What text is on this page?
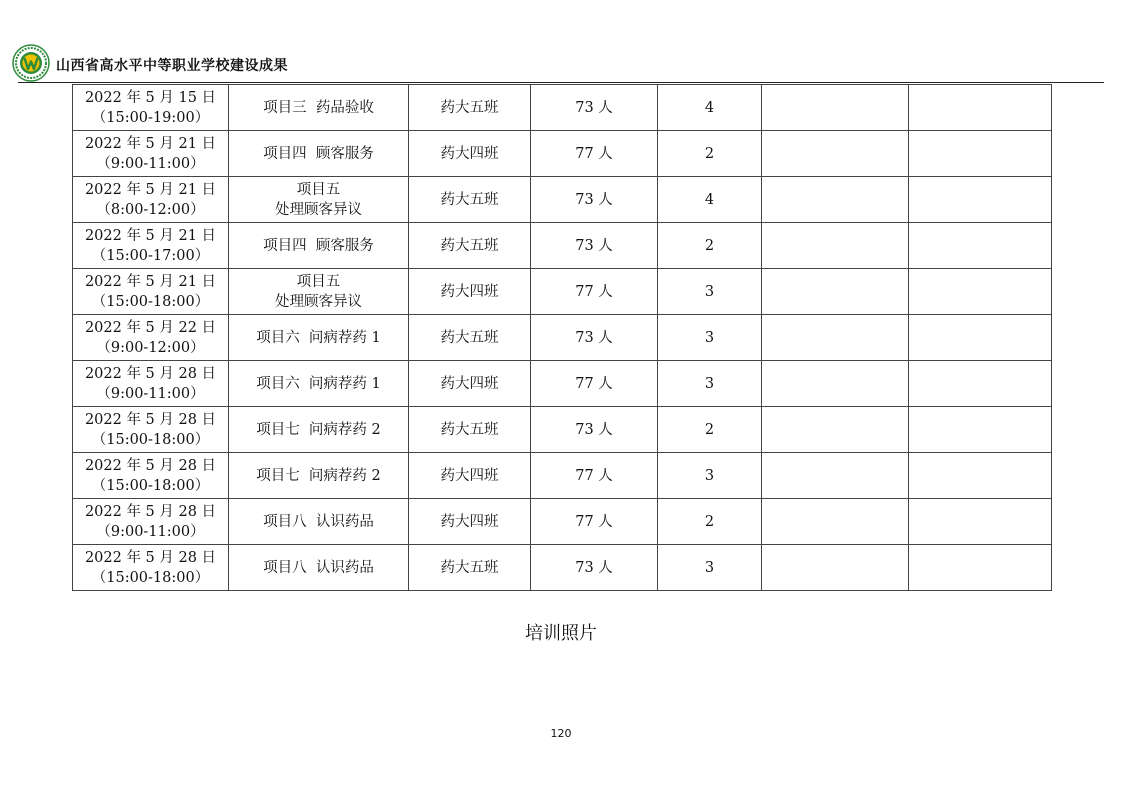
山西省高水平中等职业学校建设成果
2022 年 5 月 15 日
（15:00-19:00）	项目三  药品验收	药大五班	73 人	4		

2022 年 5 月 21 日
（9:00-11:00）	项目四  顾客服务	药大四班	77 人	2		

2022 年 5 月 21 日
（8:00-12:00）	项目五
处理顾客异议	药大五班	73 人	4		

2022 年 5 月 21 日
（15:00-17:00）	项目四  顾客服务	药大五班	73 人	2		

2022 年 5 月 21 日
（15:00-18:00）	项目五
处理顾客异议	药大四班	77 人	3		

2022 年 5 月 22 日
（9:00-12:00）	项目六  问病荐药 1	药大五班	73 人	3		

2022 年 5 月 28 日
（9:00-11:00）	项目六  问病荐药 1	药大四班	77 人	3		

2022 年 5 月 28 日
（15:00-18:00）	项目七  问病荐药 2	药大五班	73 人	2		

2022 年 5 月 28 日
（15:00-18:00）	项目七  问病荐药 2	药大四班	77 人	3		

2022 年 5 月 28 日
（9:00-11:00）	项目八  认识药品	药大四班	77 人	2		

2022 年 5 月 28 日
（15:00-18:00）	项目八  认识药品	药大五班	73 人	3		
培训照片
120
